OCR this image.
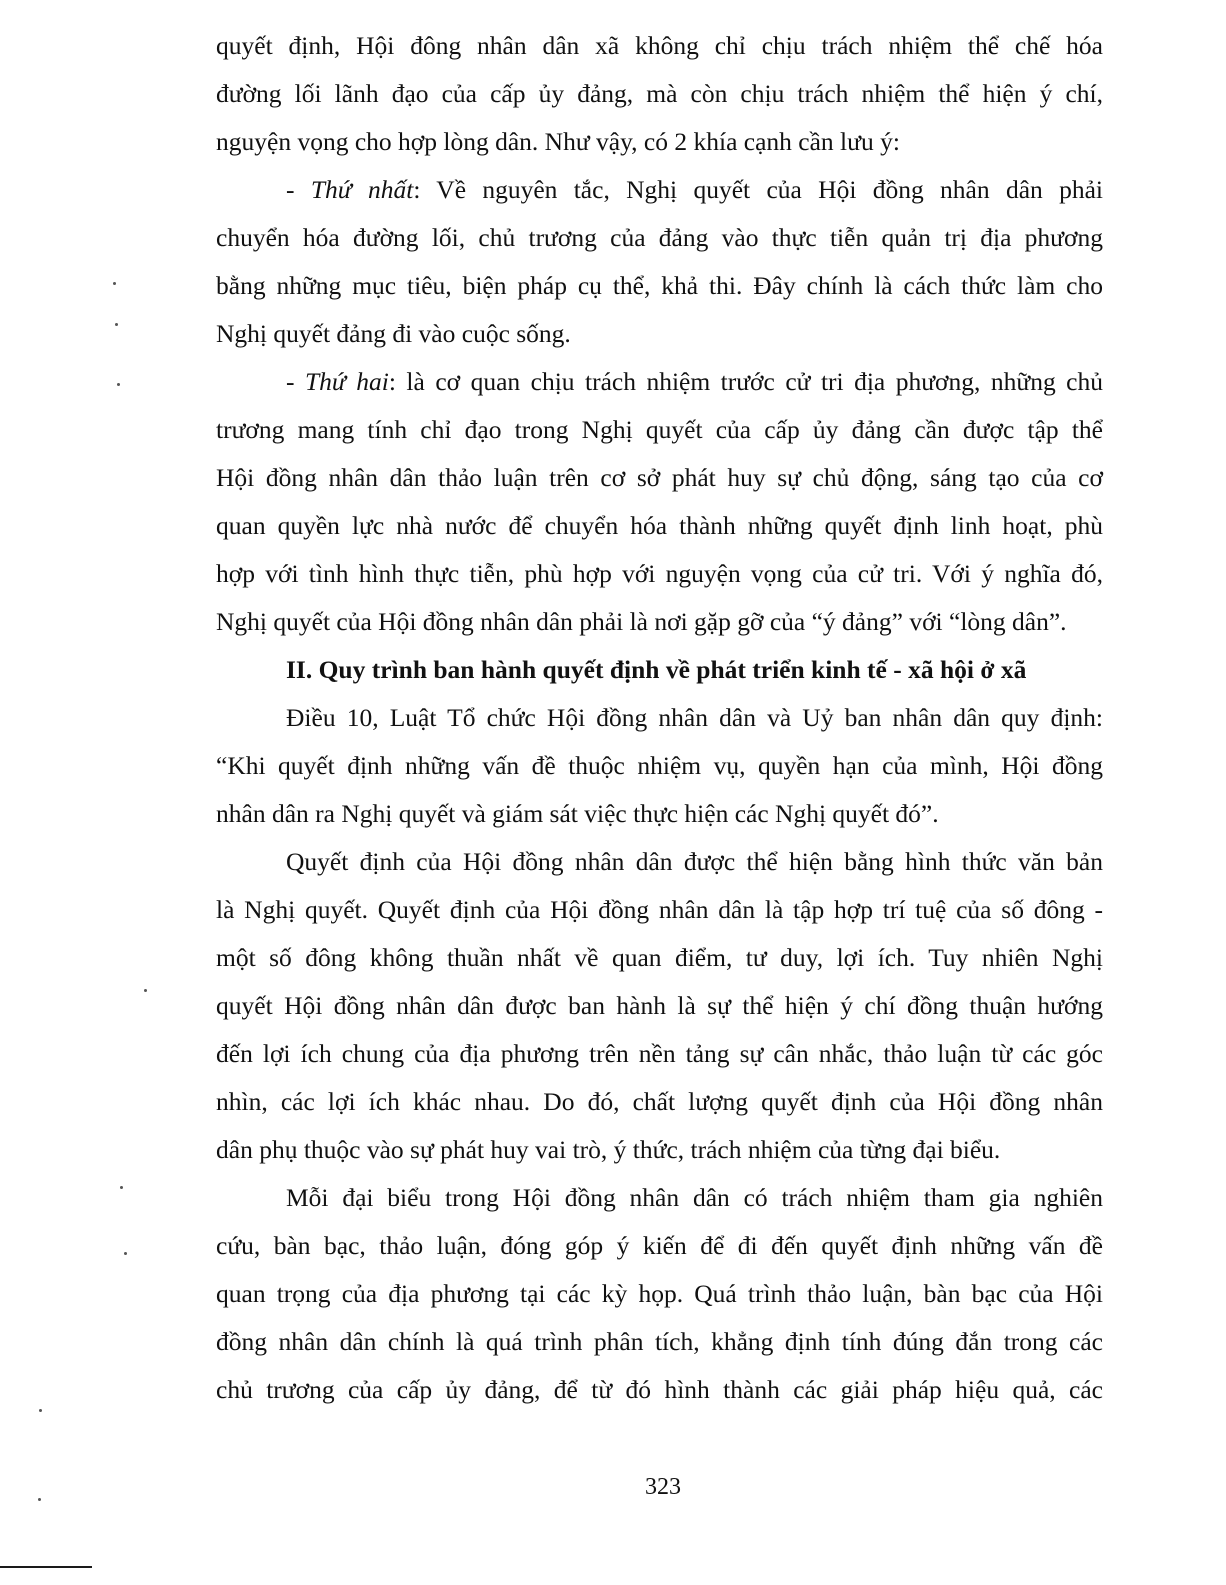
quyết định, Hội đông nhân dân xã không chỉ chịu trách nhiệm thể chế hóa
đường lối lãnh đạo của cấp ủy đảng, mà còn chịu trách nhiệm thể hiện ý chí,
nguyện vọng cho hợp lòng dân. Như vậy, có 2 khía cạnh cần lưu ý:
- Thứ nhất: Về nguyên tắc, Nghị quyết của Hội đồng nhân dân phải
chuyển hóa đường lối, chủ trương của đảng vào thực tiễn quản trị địa phương
bằng những mục tiêu, biện pháp cụ thể, khả thi. Đây chính là cách thức làm cho
Nghị quyết đảng đi vào cuộc sống.
- Thứ hai: là cơ quan chịu trách nhiệm trước cử tri địa phương, những chủ
trương mang tính chỉ đạo trong Nghị quyết của cấp ủy đảng cần được tập thể
Hội đồng nhân dân thảo luận trên cơ sở phát huy sự chủ động, sáng tạo của cơ
quan quyền lực nhà nước để chuyển hóa thành những quyết định linh hoạt, phù
hợp với tình hình thực tiễn, phù hợp với nguyện vọng của cử tri. Với ý nghĩa đó,
Nghị quyết của Hội đồng nhân dân phải là nơi gặp gỡ của “ý đảng” với “lòng dân”.
II. Quy trình ban hành quyết định về phát triển kinh tế - xã hội ở xã
Điều 10, Luật Tổ chức Hội đồng nhân dân và Uỷ ban nhân dân quy định:
“Khi quyết định những vấn đề thuộc nhiệm vụ, quyền hạn của mình, Hội đồng
nhân dân ra Nghị quyết và giám sát việc thực hiện các Nghị quyết đó”.
Quyết định của Hội đồng nhân dân được thể hiện bằng hình thức văn bản
là Nghị quyết. Quyết định của Hội đồng nhân dân là tập hợp trí tuệ của số đông -
một số đông không thuần nhất về quan điểm, tư duy, lợi ích. Tuy nhiên Nghị
quyết Hội đồng nhân dân được ban hành là sự thể hiện ý chí đồng thuận hướng
đến lợi ích chung của địa phương trên nền tảng sự cân nhắc, thảo luận từ các góc
nhìn, các lợi ích khác nhau. Do đó, chất lượng quyết định của Hội đồng nhân
dân phụ thuộc vào sự phát huy vai trò, ý thức, trách nhiệm của từng đại biểu.
Mỗi đại biểu trong Hội đồng nhân dân có trách nhiệm tham gia nghiên
cứu, bàn bạc, thảo luận, đóng góp ý kiến để đi đến quyết định những vấn đề
quan trọng của địa phương tại các kỳ họp. Quá trình thảo luận, bàn bạc của Hội
đồng nhân dân chính là quá trình phân tích, khẳng định tính đúng đắn trong các
chủ trương của cấp ủy đảng, để từ đó hình thành các giải pháp hiệu quả, các
323
